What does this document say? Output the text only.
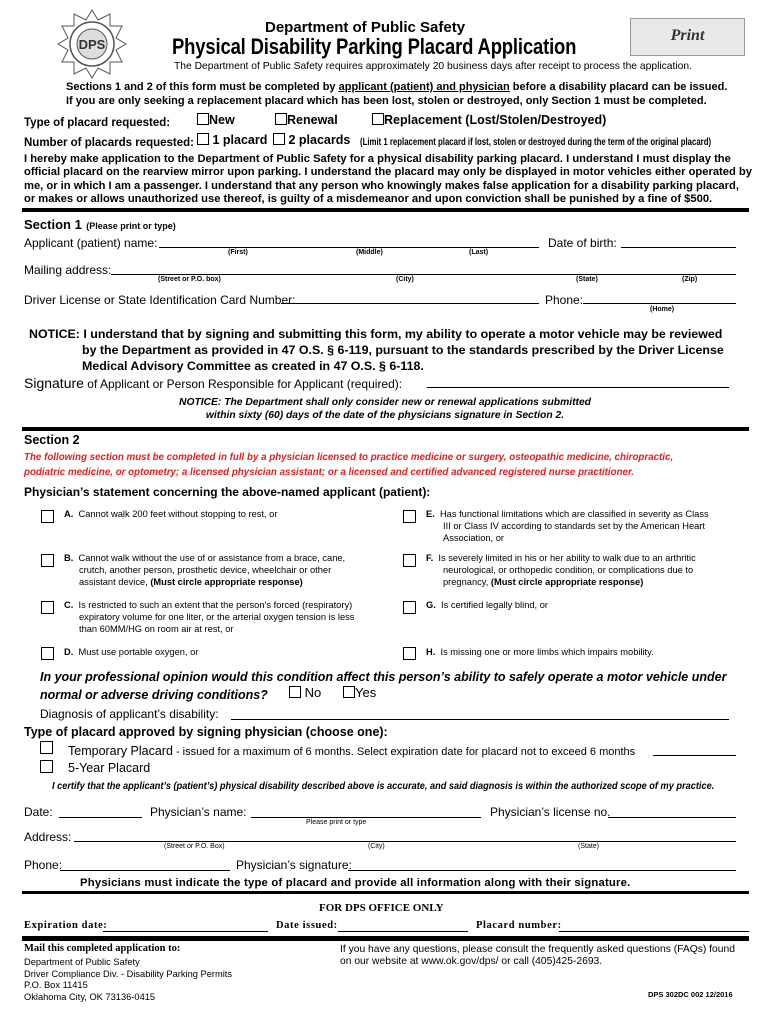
DPS
Department of Public Safety
Physical Disability Parking Placard Application	Print
The Department of Public Safety requires approximately 20 business days after receipt to process the application.
Sections 1 and 2 of this form must be completed by applicant (patient) and physician before a disability placard can be issued.
If you are only seeking a replacement placard which has been lost, stolen or destroyed, only Section 1 must be completed.
Type of placard requested:	New	Renewal	Replacement (Lost/Stolen/Destroyed)
Number of placards requested:	1 placard	2 placards (Limit 1 replacement placard if lost, stolen or destroyed during the term of the original placard)
I hereby make application to the Department of Public Safety for a physical disability parking placard. I understand I must display the
official placard on the rearview mirror upon parking. I understand the placard may only be displayed in motor vehicles either operated by
me, or in which I am a passenger. I understand that any person who knowingly makes false application for a disability parking placard,
or makes or allows unauthorized use thereof, is guilty of a misdemeanor and upon conviction shall be punished by a fine of $500.
Section 1 (Please print or type)
Applicant (patient) name:
(First)	(Middle)	(Last)
Date of birth:
Mailing address:
(Street or P.O. box)	(City)	(State)	(Zip)
Driver License or State Identification Card Number:	Phone:
(Home)
NOTICE: I understand that by signing and submitting this form, my ability to operate a motor vehicle may be reviewed
by the Department as provided in 47 O.S. § 6-119, pursuant to the standards prescribed by the Driver License
Medical Advisory Committee as created in 47 O.S. § 6-118.
Signature of Applicant or Person Responsible for Applicant (required):
NOTICE: The Department shall only consider new or renewal applications submitted
within sixty (60) days of the date of the physicians signature in Section 2.
Section 2
The following section must be completed in full by a physician licensed to practice medicine or surgery, osteopathic medicine, chiropractic,
podiatric medicine, or optometry; a licensed physician assistant; or a licensed and certified advanced registered nurse practitioner.
Physician’s statement concerning the above-named applicant (patient):
A. Cannot walk 200 feet without stopping to rest, or
B. Cannot walk without the use of or assistance from a brace, cane,
crutch, another person, prosthetic device, wheelchair or other
assistant device, (Must circle appropriate response)
C. Is restricted to such an extent that the person’s forced (respiratory)
expiratory volume for one liter, or the arterial oxygen tension is less
than 60MM/HG on room air at rest, or
D. Must use portable oxygen, or
E. Has functional limitations which are classified in severity as Class
III or Class IV according to standards set by the American Heart
Association, or
F. Is severely limited in his or her ability to walk due to an arthritic
neurological, or orthopedic condition, or complications due to
pregnancy, (Must circle appropriate response)
G. Is certified legally blind, or
H. Is missing one or more limbs which impairs mobility.
In your professional opinion would this condition affect this person’s ability to safely operate a motor vehicle under
normal or adverse driving conditions?	No	Yes
Diagnosis of applicant’s disability:
Type of placard approved by signing physician (choose one):
Temporary Placard - issued for a maximum of 6 months. Select expiration date for placard not to exceed 6 months
5-Year Placard
I certify that the applicant’s (patient’s) physical disability described above is accurate, and said diagnosis is within the authorized scope of my practice.
Date:	Physician’s name:
Please print or type
Physician’s license no.
Address:
(Street or P.O. Box)	(City)	(State)
Phone:	Physician’s signature:
Physicians must indicate the type of placard and provide all information along with their signature.
FOR DPS OFFICE ONLY
Expiration date:	Date issued:	Placard number:
Mail this completed application to:
Department of Public Safety
Driver Compliance Div. - Disability Parking Permits
P.O. Box 11415
Oklahoma City, OK 73136-0415
If you have any questions, please consult the frequently asked questions (FAQs) found
on our website at www.ok.gov/dps/ or call (405)425-2693.
DPS 302DC 002 12/2016
